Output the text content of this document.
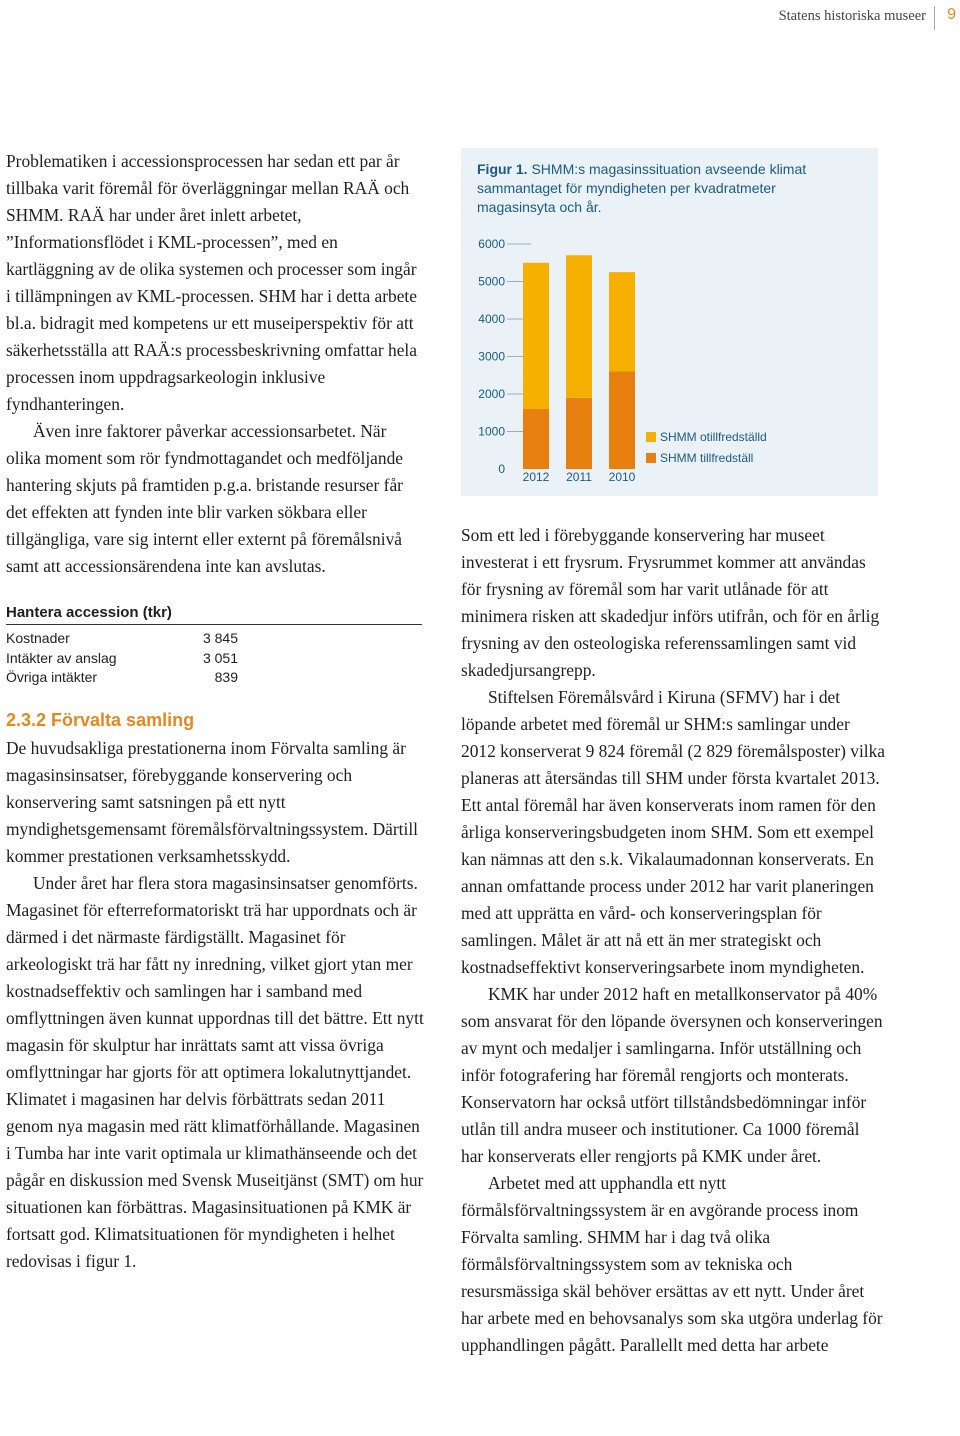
Statens historiska museer 9

Problematiken i accessionsprocessen har sedan ett par år tillbaka varit föremål för överläggningar mellan RAÄ och SHMM. RAÄ har under året inlett arbetet, ”Informationsflödet i KML-processen”, med en kartläggning av de olika systemen och processer som ingår i tillämpningen av KML-processen. SHM har i detta arbete bl.a. bidragit med kompetens ur ett museiperspektiv för att säkerhetsställa att RAÄ:s processbeskrivning omfattar hela processen inom uppdragsarkeologin inklusive fyndhanteringen.

Även inre faktorer påverkar accessionsarbetet. När olika moment som rör fyndmottagandet och medföljande hantering skjuts på framtiden p.g.a. bristande resurser får det effekten att fynden inte blir varken sökbara eller tillgängliga, vare sig internt eller externt på föremålsnivå samt att accessionsärendena inte kan avslutas.

Hantera accession (tkr)
Kostnader	3 845
Intäkter av anslag	3 051
Övriga intäkter	839
2.3.2 Förvalta samling

De huvudsakliga prestationerna inom Förvalta samling är magasinsinsatser, förebyggande konservering och konservering samt satsningen på ett nytt myndighetsgemensamt föremålsförvaltningssystem. Därtill kommer prestationen verksamhetsskydd.

Under året har flera stora magasinsinsatser genomförts. Magasinet för efterreformatoriskt trä har uppordnats och är därmed i det närmaste färdigställt. Magasinet för arkeologiskt trä har fått ny inredning, vilket gjort ytan mer kostnadseffektiv och samlingen har i samband med omflyttningen även kunnat uppordnas till det bättre. Ett nytt magasin för skulptur har inrättats samt att vissa övriga omflyttningar har gjorts för att optimera lokalutnyttjandet. Klimatet i magasinen har delvis förbättrats sedan 2011 genom nya magasin med rätt klimatförhållande. Magasinen i Tumba har inte varit optimala ur klimathänseende och det pågår en diskussion med Svensk Museitjänst (SMT) om hur situationen kan förbättras. Magasinsituationen på KMK är fortsatt god. Klimatsituationen för myndigheten i helhet redovisas i figur 1.

Figur 1. SHMM:s magasinssituation avseende klimat sammantaget för myndigheten per kvadratmeter magasinsyta och år.
0
1000
2000
3000
4000
5000
6000
2012 2011 2010
SHMM otillfredställd
SHMM tillfredställ

Som ett led i förebyggande konservering har museet investerat i ett frysrum. Frysrummet kommer att användas för frysning av föremål som har varit utlånade för att minimera risken att skadedjur införs utifrån, och för en årlig frysning av den osteologiska referenssamlingen samt vid skadedjursangrepp.

Stiftelsen Föremålsvård i Kiruna (SFMV) har i det löpande arbetet med föremål ur SHM:s samlingar under 2012 konserverat 9 824 föremål (2 829 föremålsposter) vilka planeras att återsändas till SHM under första kvartalet 2013. Ett antal föremål har även konserverats inom ramen för den årliga konserveringsbudgeten inom SHM. Som ett exempel kan nämnas att den s.k. Vikalaumadonnan konserverats. En annan omfattande process under 2012 har varit planeringen med att upprätta en vård- och konserveringsplan för samlingen. Målet är att nå ett än mer strategiskt och kostnadseffektivt konserveringsarbete inom myndigheten.

KMK har under 2012 haft en metallkonservator på 40% som ansvarat för den löpande översynen och konserveringen av mynt och medaljer i samlingarna. Inför utställning och inför fotografering har föremål rengjorts och monterats. Konservatorn har också utfört tillståndsbedömningar inför utlån till andra museer och institutioner. Ca 1000 föremål har konserverats eller rengjorts på KMK under året.

Arbetet med att upphandla ett nytt förmålsförvaltningssystem är en avgörande process inom Förvalta samling. SHMM har i dag två olika förmålsförvaltningssystem som av tekniska och resursmässiga skäl behöver ersättas av ett nytt. Under året har arbete med en behovsanalys som ska utgöra underlag för upphandlingen pågått. Parallellt med detta har arbete
